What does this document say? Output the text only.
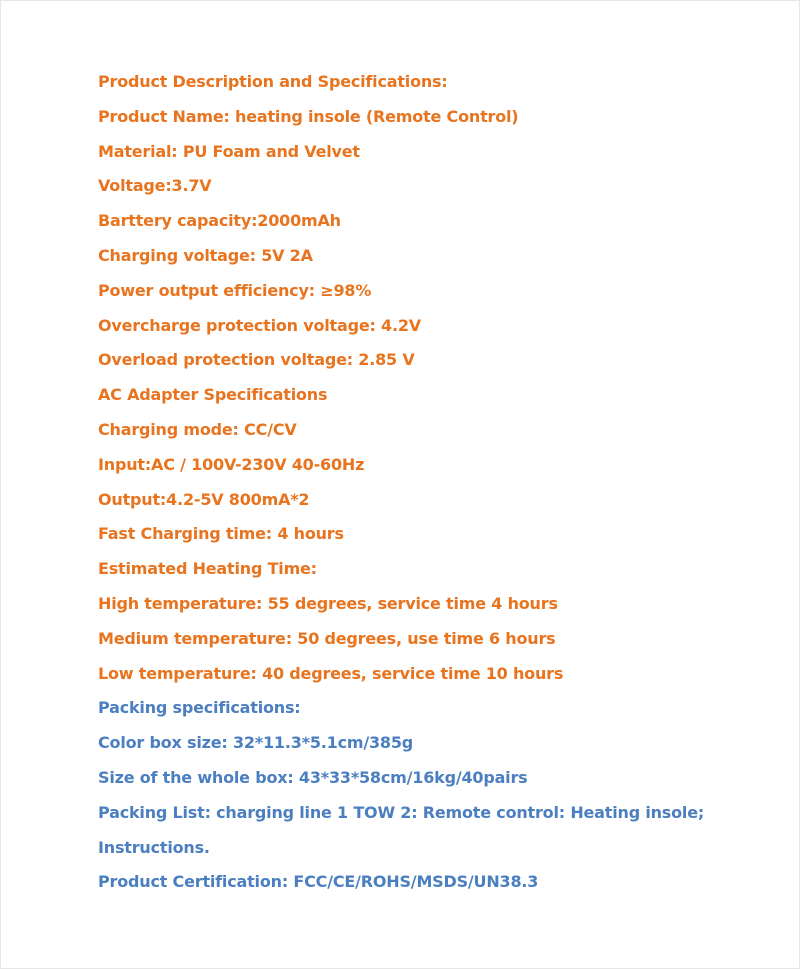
Product Description and Specifications:
Product Name: heating insole (Remote Control)
Material: PU Foam and Velvet
Voltage:3.7V
Barttery capacity:2000mAh
Charging voltage: 5V 2A
Power output efficiency: ≥98%
Overcharge protection voltage: 4.2V
Overload protection voltage: 2.85 V
AC Adapter Specifications
Charging mode: CC/CV
Input:AC / 100V-230V 40-60Hz
Output:4.2-5V 800mA*2
Fast Charging time: 4 hours
Estimated Heating Time:
High temperature: 55 degrees, service time 4 hours
Medium temperature: 50 degrees, use time 6 hours
Low temperature: 40 degrees, service time 10 hours
Packing specifications:
Color box size: 32*11.3*5.1cm/385g
Size of the whole box: 43*33*58cm/16kg/40pairs
Packing List: charging line 1 TOW 2: Remote control: Heating insole;
Instructions.
Product Certification: FCC/CE/ROHS/MSDS/UN38.3
